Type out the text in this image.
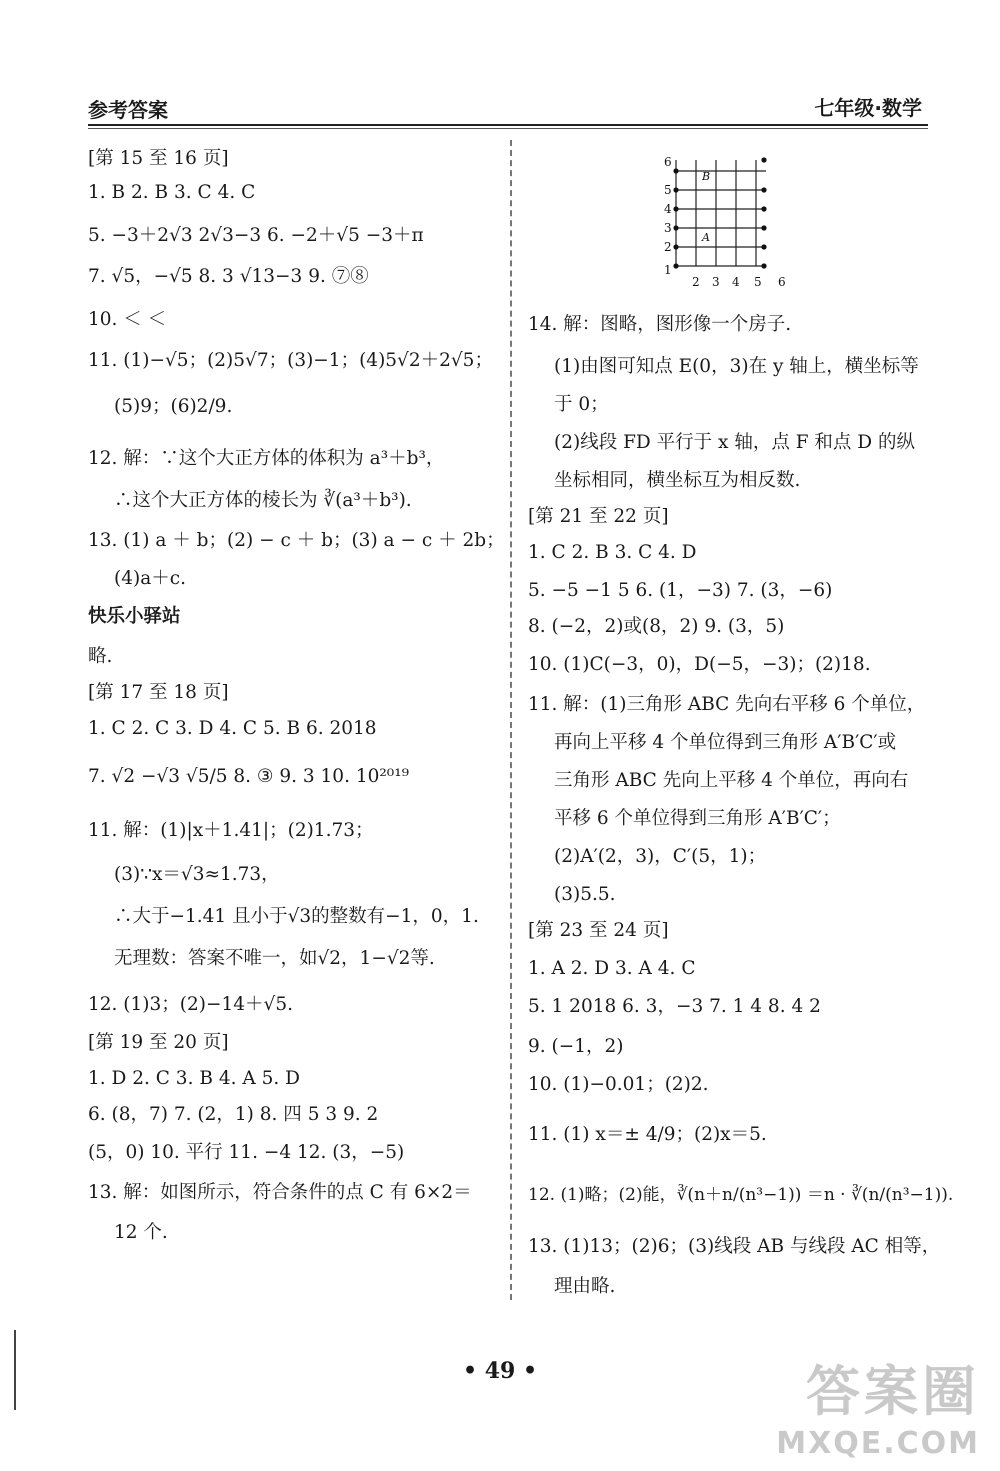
参考答案	七年级·数学
[第 15 至 16 页]
1. B 2. B 3. C 4. C
5. −3＋2√3 2√3−3 6. −2＋√5 −3＋π
7. √5，−√5 8. 3 √13−3 9. ⑦⑧
10. ＜ ＜
11. (1)−√5；(2)5√7；(3)−1；(4)5√2＋2√5；
(5)9；(6)2/9.
12. 解：∵这个大正方体的体积为 a³＋b³，
∴这个大正方体的棱长为 ∛(a³＋b³).
13. (1) a ＋ b；(2) − c ＋ b；(3) a − c ＋ 2b；
(4)a＋c.
快乐小驿站
略.
[第 17 至 18 页]
1. C 2. C 3. D 4. C 5. B 6. 2018
7. √2 −√3 √5/5 8. ③ 9. 3 10. 10²⁰¹⁹
11. 解：(1)|x＋1.41|；(2)1.73；
(3)∵x＝√3≈1.73，
∴大于−1.41 且小于√3的整数有−1，0，1.
无理数：答案不唯一，如√2，1−√2等.
12. (1)3；(2)−14＋√5.
[第 19 至 20 页]
1. D 2. C 3. B 4. A 5. D
6. (8，7) 7. (2，1) 8. 四 5 3 9. 2
(5，0) 10. 平行 11. −4 12. (3，−5)
13. 解：如图所示，符合条件的点 C 有 6×2＝
12 个.
1
2
3
4
5
6
2 3 4 5 6
B
A
14. 解：图略，图形像一个房子.
(1)由图可知点 E(0，3)在 y 轴上，横坐标等
于 0；
(2)线段 FD 平行于 x 轴，点 F 和点 D 的纵
坐标相同，横坐标互为相反数.
[第 21 至 22 页]
1. C 2. B 3. C 4. D
5. −5 −1 5 6. (1，−3) 7. (3，−6)
8. (−2，2)或(8，2) 9. (3，5)
10. (1)C(−3，0)，D(−5，−3)；(2)18.
11. 解：(1)三角形 ABC 先向右平移 6 个单位，
再向上平移 4 个单位得到三角形 A′B′C′或
三角形 ABC 先向上平移 4 个单位，再向右
平移 6 个单位得到三角形 A′B′C′；
(2)A′(2，3)，C′(5，1)；
(3)5.5.
[第 23 至 24 页]
1. A 2. D 3. A 4. C
5. 1 2018 6. 3，−3 7. 1 4 8. 4 2
9. (−1，2)
10. (1)−0.01；(2)2.
11. (1) x＝± 4/9；(2)x＝5.
12. (1)略；(2)能，∛(n＋n/(n³−1)) ＝n · ∛(n/(n³−1)).
13. (1)13；(2)6；(3)线段 AB 与线段 AC 相等，
理由略.
• 49 •	答案圈
MXQE.COM
